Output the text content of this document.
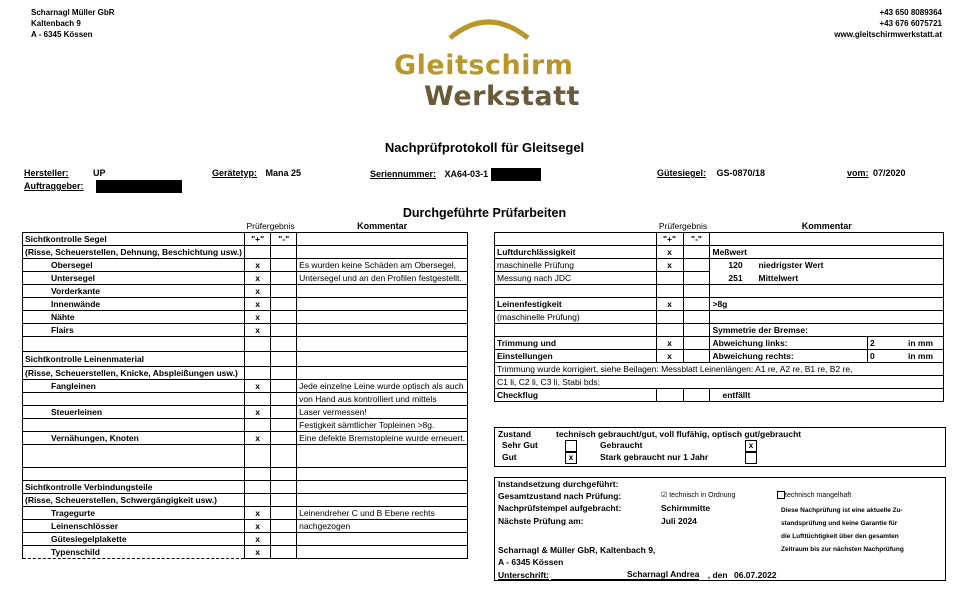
Scharnagl Müller GbR
Kaltenbach 9
A - 6345 Kössen
+43 650 8089364
+43 676 6075721
www.gleitschirmwerkstatt.at
Gleitschirm
Werkstatt
Nachprüfprotokoll für Gleitsegel
Hersteller:	UP
Auftraggeber:
Gerätetyp: Mana 25	Seriennummer: XA64-03-1	Gütesiegel: GS-0870/18	vom: 07/2020
Durchgeführte Prüfarbeiten
	Prüfergebnis		Kommentar
Sichtkontrolle Segel	"+"	"-"	
(Risse, Scheuerstellen, Dehnung, Beschichtung usw.)			
Obersegel	x		Es wurden keine Schäden am Obersegel,
Untersegel	x		Untersegel und an den Profilen festgestellt.
Vorderkante	x		
Innenwände	x		
Nähte	x		
Flairs	x		

Sichtkontrolle Leinenmaterial			
(Risse, Scheuerstellen, Knicke, Abspleißungen usw.)			
Fangleinen	x		Jede einzelne Leine wurde optisch als auch
			von Hand aus kontrolliert und mittels
Steuerleinen	x		Laser vermessen!
			Festigkeit sämtlicher Topleinen >8g.
Vernähungen, Knoten	x		Eine defekte Bremstopleine wurde erneuert.

Sichtkontrolle Verbindungsteile			
(Risse, Scheuerstellen, Schwergängigkeit usw.)			
Tragegurte	x		Leinendreher C und B Ebene rechts
Leinenschlösser	x		nachgezogen
Gütesiegelplakette	x		
Typenschild	x		
	Prüfergebnis		Kommentar	
	"+"	"-"		
Luftdurchlässigkeit	x		Meßwert	
maschinelle Prüfung	x		120 niedrigster Wert	
Messung nach JDC			251 Mittelwert	

Leinenfestigkeit	x		>8g	
(maschinelle Prüfung)				
			Symmetrie der Bremse:	
Trimmung und	x		Abweichung links:	2 in mm
Einstellungen	x		Abweichung rechts:	0 in mm
Trimmung wurde korrigiert, siehe Beilagen: Messblatt Leinenlängen: A1 re, A2 re, B1 re, B2 re,				
C1 li, C2 li, C3 li, Stabi bds;				
Checkflug			entfällt	
Zustand	technisch gebraucht/gut, voll flufähig, optisch gut/gebraucht
Sehr Gut
Gut	x
Gebraucht	x
Stark gebraucht nur 1 Jahr
Instandsetzung durchgeführt:
Gesamtzustand nach Prüfung:	☑ technisch in Ordnung	technisch mangelhaft
Nachprüfstempel aufgebracht:	Schirmmitte
Nächste Prüfung am:	Juli 2024
Diese Nachprüfung ist eine aktuelle Zu-
standsprüfung und keine Garantie für
die Lufttüchtigkeit über den gesamten
Zeitraum bis zur nächsten Nachprüfung
Scharnagl & Müller GbR, Kaltenbach 9,
A - 6345 Kössen
Unterschrift:	Scharnagl Andrea , den 06.07.2022
